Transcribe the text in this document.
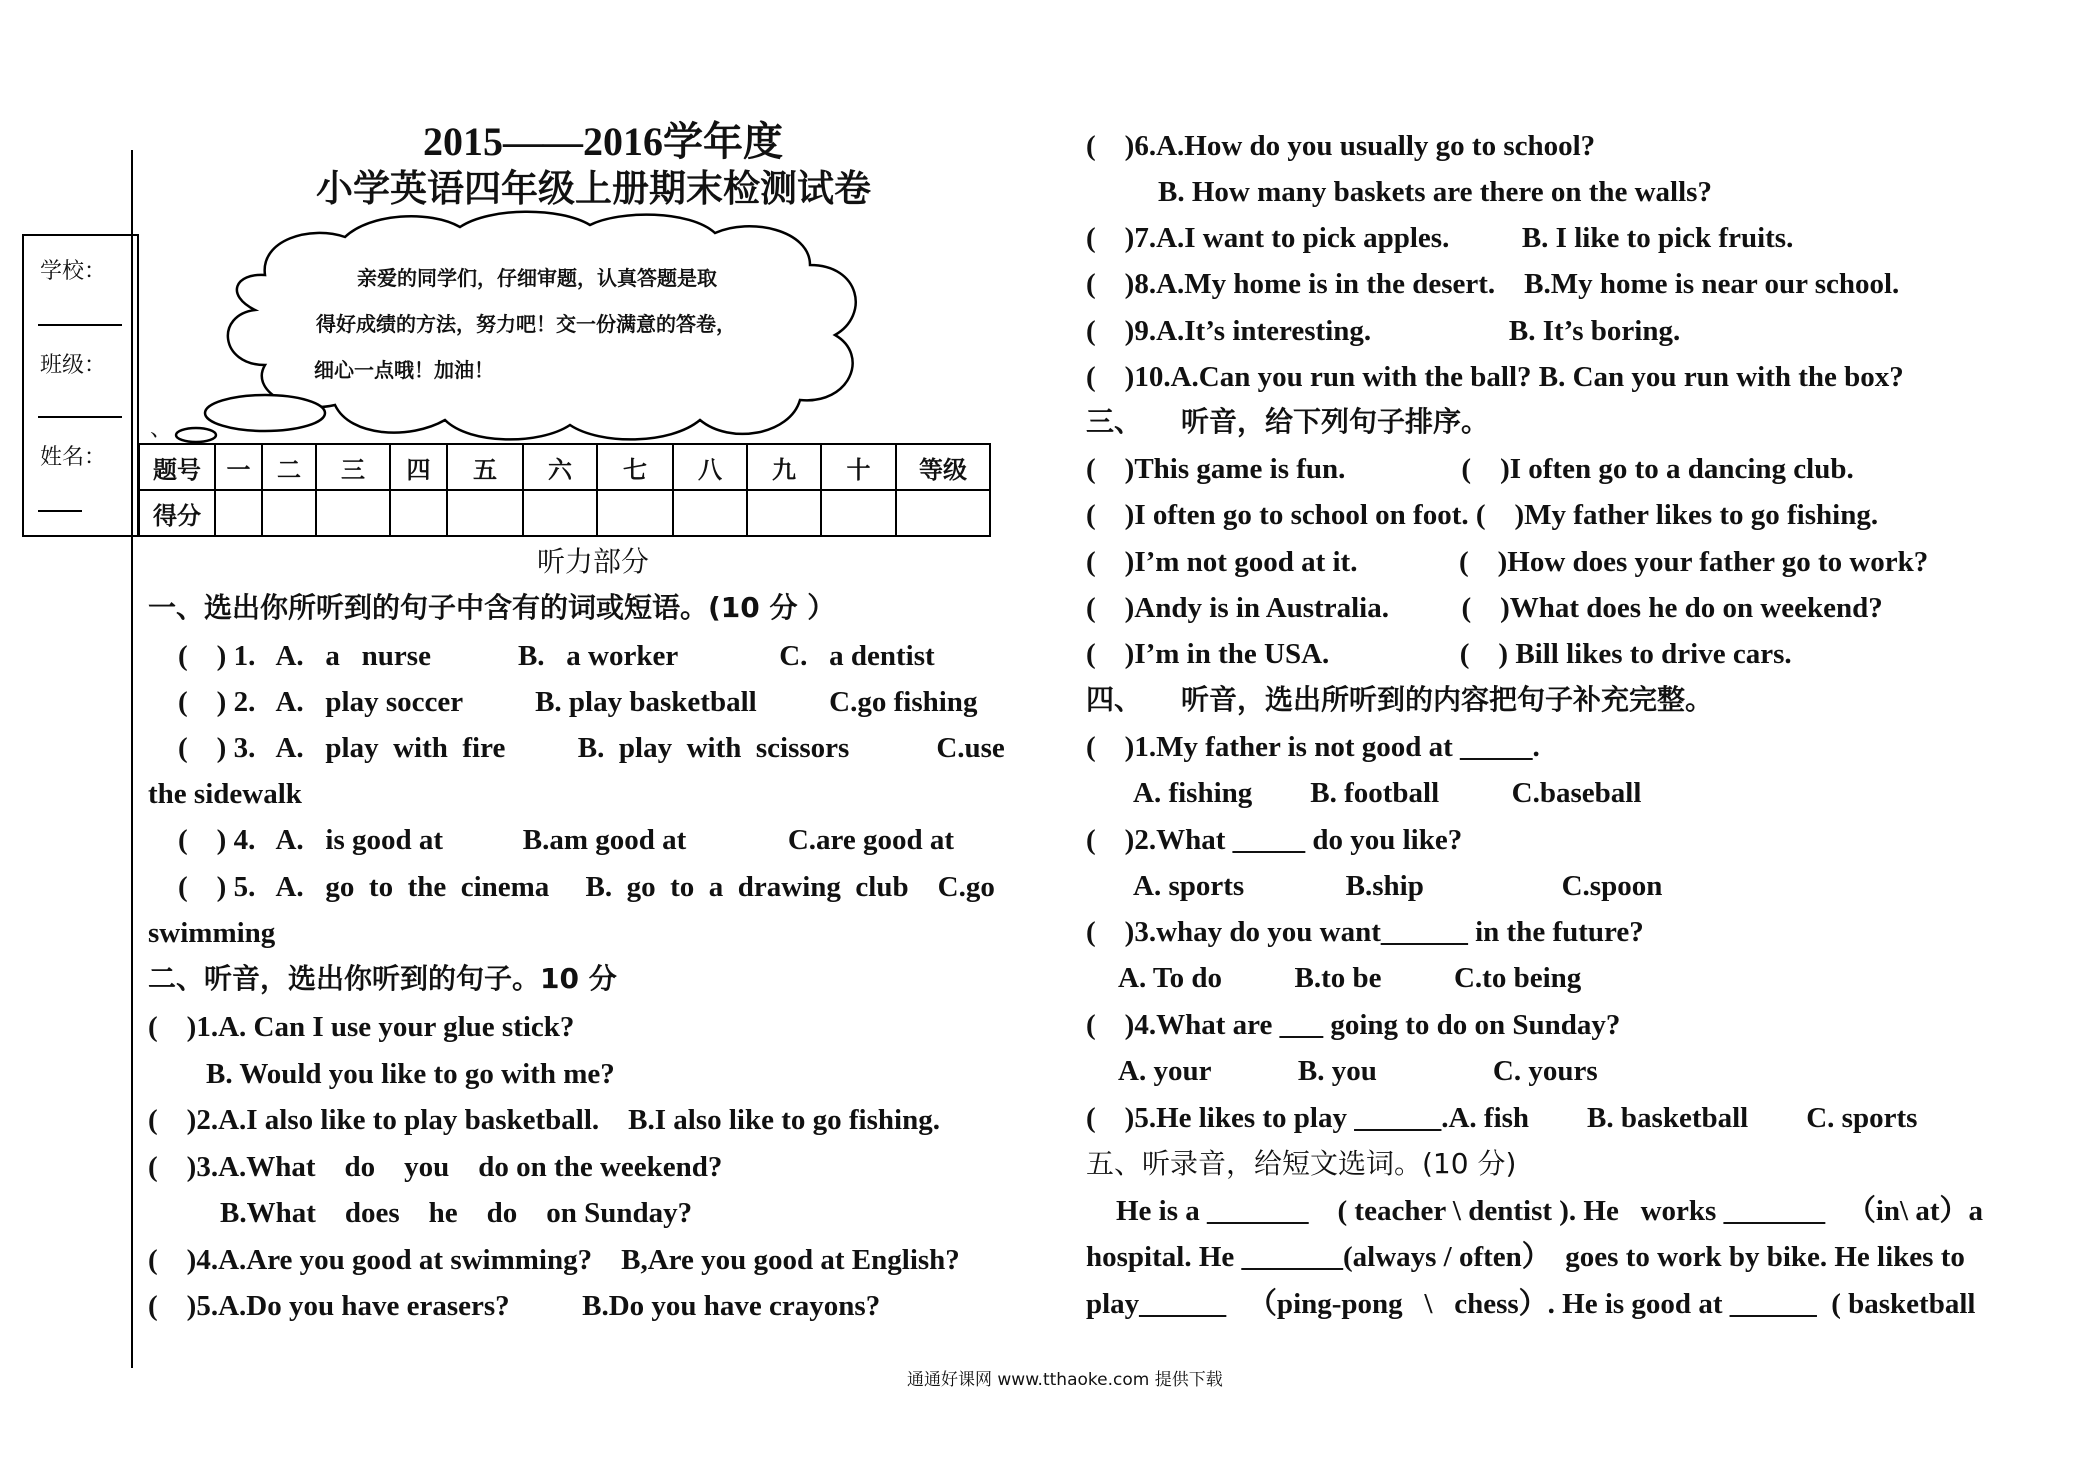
学校：
班级：
姓名：
2015——2016学年度
小学英语四年级上册期末检测试卷
亲爱的同学们，仔细审题，认真答题是取
得好成绩的方法，努力吧！交一份满意的答卷，
细心一点哦！加油！
、
题号	一	二	三	四	五	六	七	八	九	十	等级
得分											
听力部分
一、选出你所听到的句子中含有的词或短语。(10 分 ）
(    ) 1.   A.   a   nurse            B.   a worker              C.   a dentist
(    ) 2.   A.   play soccer          B. play basketball          C.go fishing
(    ) 3.   A.   play  with  fire          B.  play  with  scissors            C.use
the sidewalk
(    ) 4.   A.   is good at           B.am good at              C.are good at
(    ) 5.   A.   go  to  the  cinema     B.  go  to  a  drawing  club    C.go
swimming
二、听音，选出你听到的句子。10 分
(    )1.A. Can I use your glue stick?
B. Would you like to go with me?
(    )2.A.I also like to play basketball.    B.I also like to go fishing.
(    )3.A.What    do    you    do on the weekend?
B.What    does    he    do    on Sunday?
(    )4.A.Are you good at swimming?    B,Are you good at English?
(    )5.A.Do you have erasers?          B.Do you have crayons?
(    )6.A.How do you usually go to school?
B. How many baskets are there on the walls?
(    )7.A.I want to pick apples.          B. I like to pick fruits.
(    )8.A.My home is in the desert.    B.My home is near our school.
(    )9.A.It’s interesting.                   B. It’s boring.
(    )10.A.Can you run with the ball? B. Can you run with the box?
三、    听音，给下列句子排序。
(    )This game is fun.                (    )I often go to a dancing club.
(    )I often go to school on foot. (    )My father likes to go fishing.
(    )I’m not good at it.              (    )How does your father go to work?
(    )Andy is in Australia.          (    )What does he do on weekend?
(    )I’m in the USA.                  (    ) Bill likes to drive cars.
四、    听音，选出所听到的内容把句子补充完整。
(    )1.My father is not good at _____.
A. fishing        B. football          C.baseball
(    )2.What _____ do you like?
A. sports              B.ship                   C.spoon
(    )3.whay do you want______ in the future?
A. To do          B.to be          C.to being
(    )4.What are ___ going to do on Sunday?
A. your            B. you                C. yours
(    )5.He likes to play ______.A. fish        B. basketball        C. sports
五、听录音，给短文选词。(10 分)
He is a _______    ( teacher \ dentist ). He   works _______   （in\ at）a
hospital. He _______(always / often）  goes to work by bike. He likes to
play______   （ping-pong   \   chess）. He is good at ______  ( basketball
通通好课网 www.tthaoke.com 提供下载
